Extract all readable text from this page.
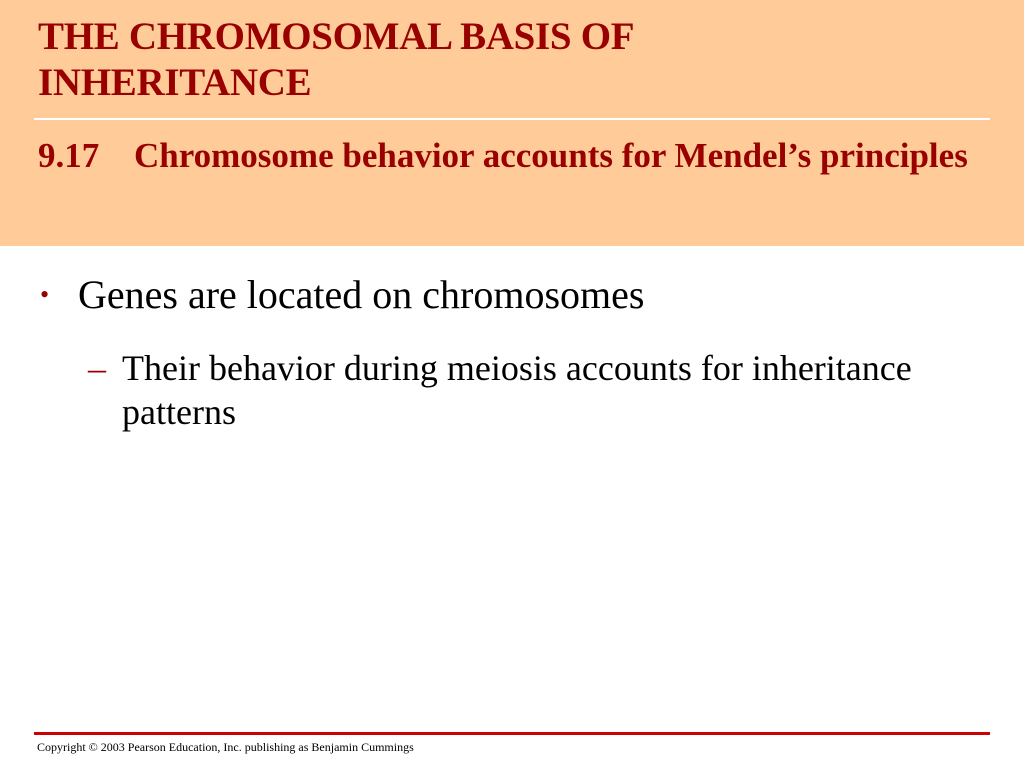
THE CHROMOSOMAL BASIS OF
INHERITANCE
9.17 Chromosome behavior accounts for Mendel’s principles
• Genes are located on chromosomes
– Their behavior during meiosis accounts for inheritance patterns

Copyright © 2003 Pearson Education, Inc. publishing as Benjamin Cummings
